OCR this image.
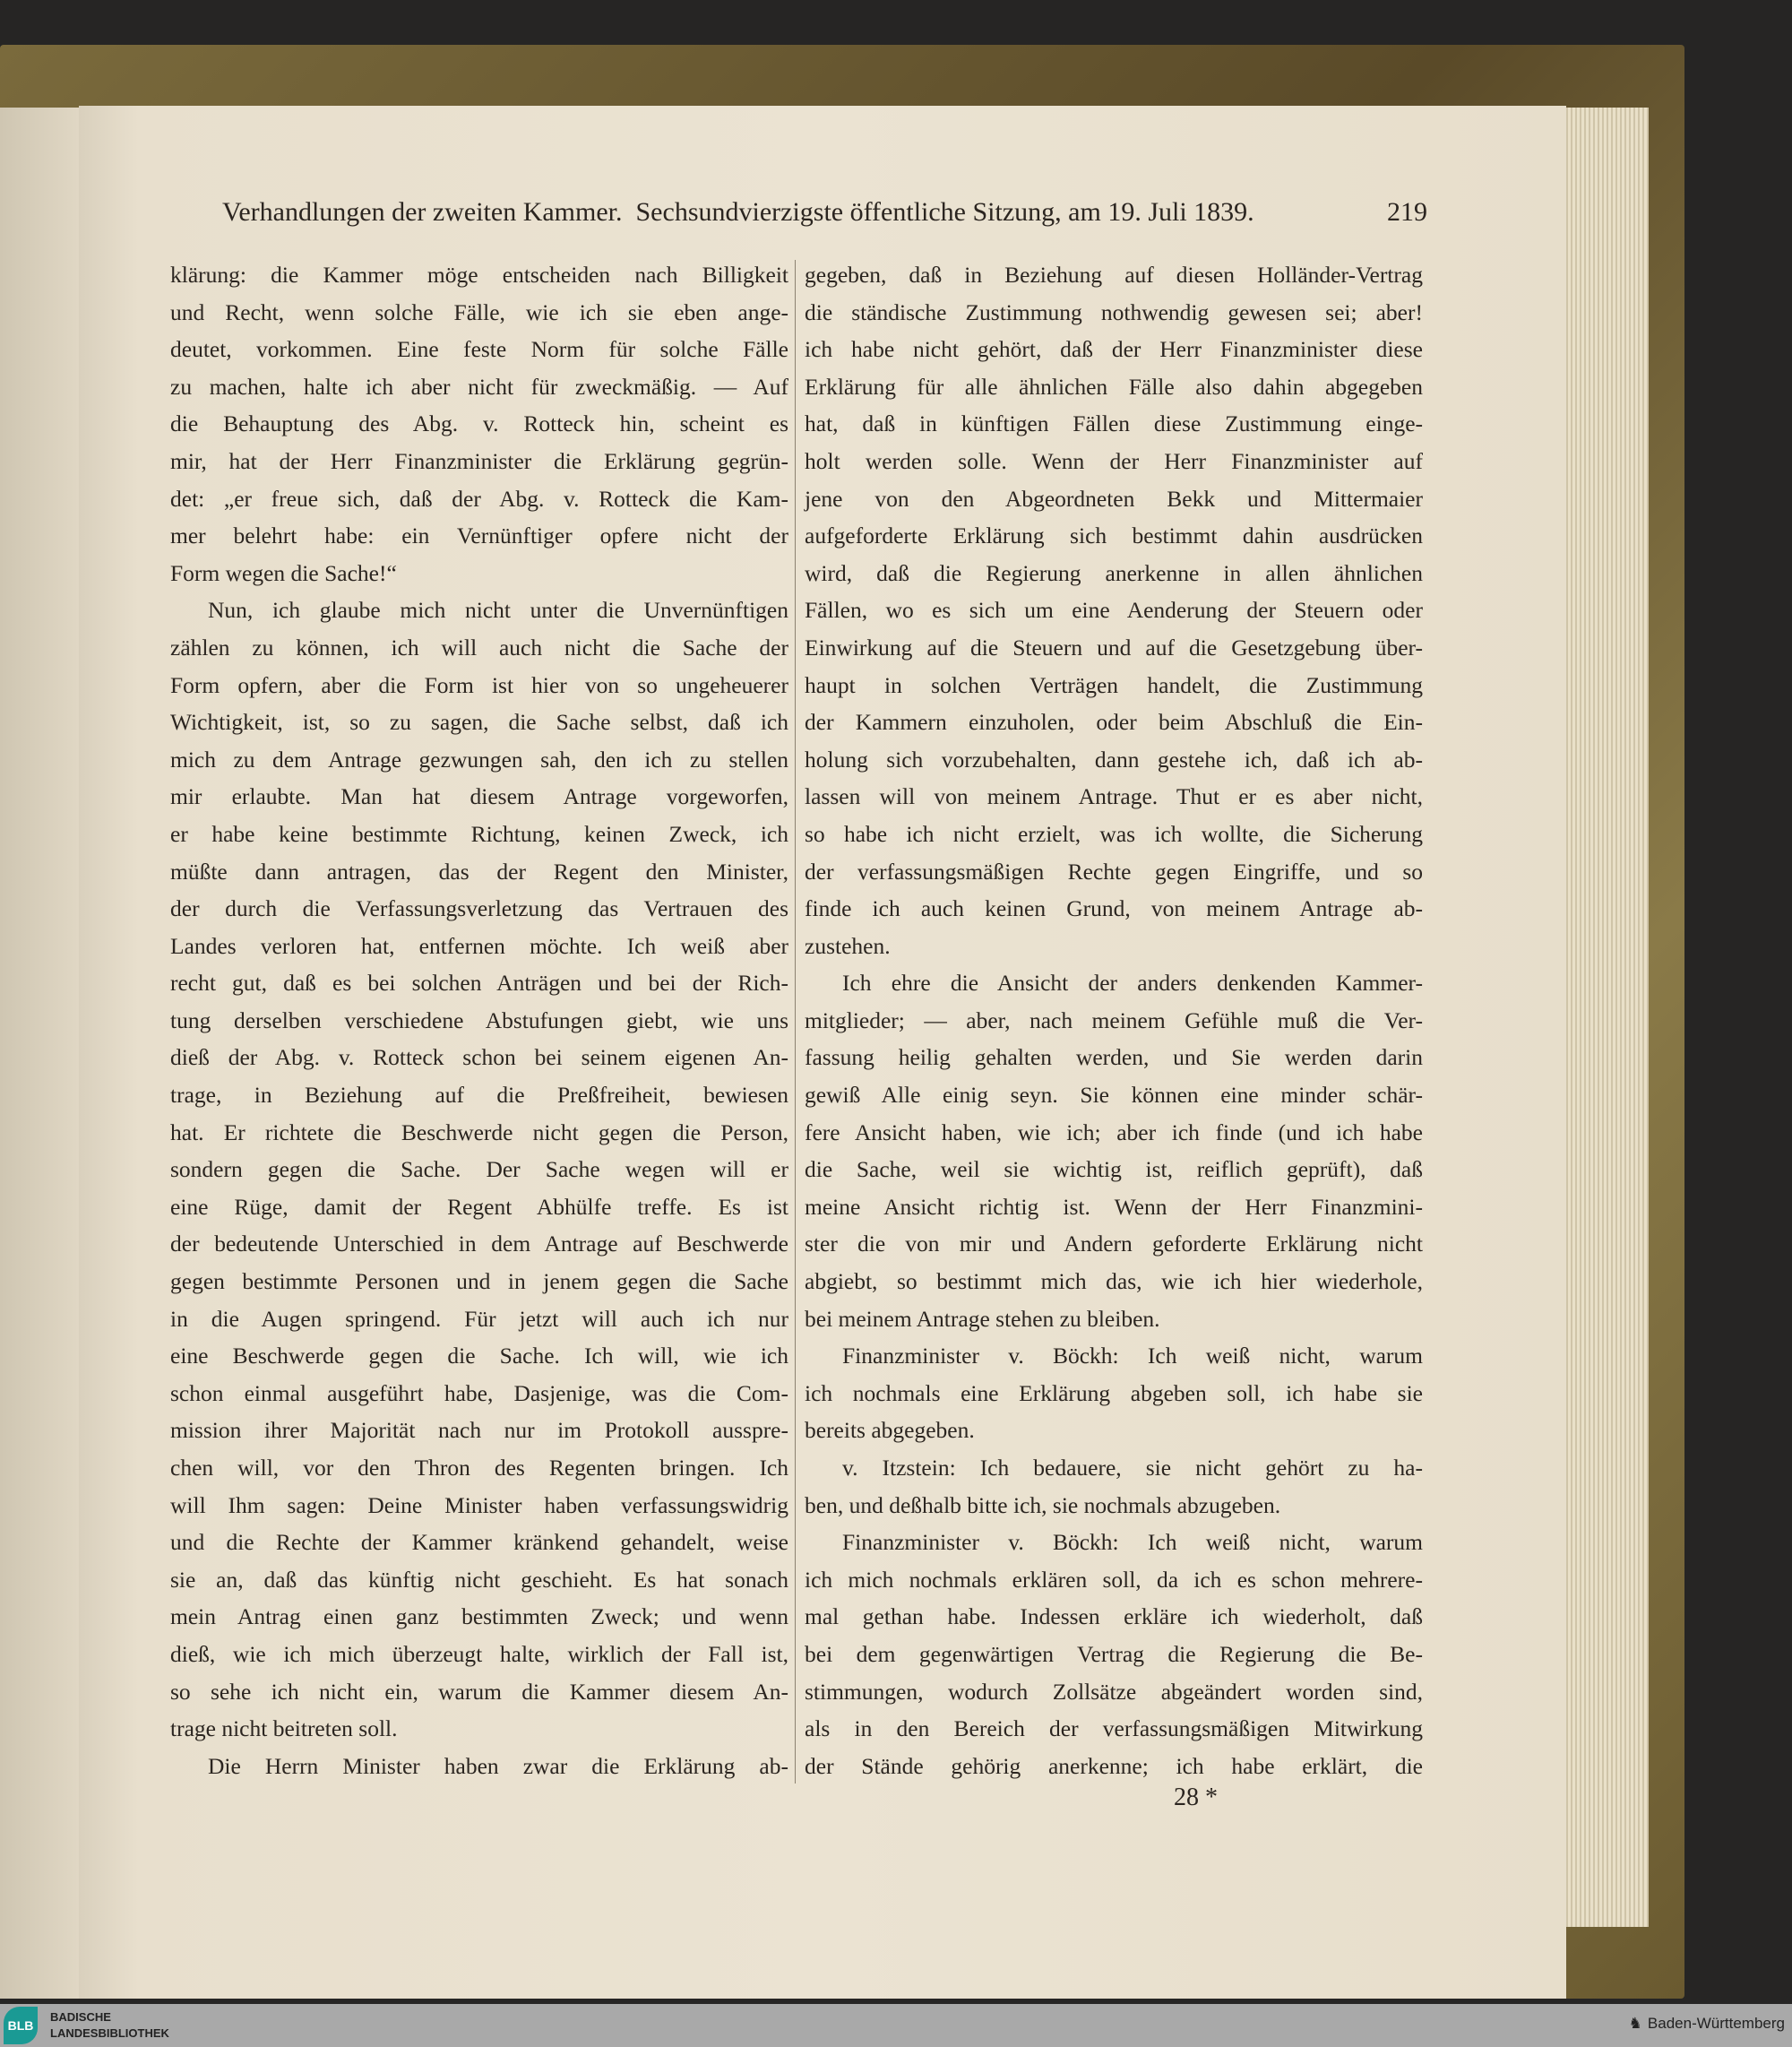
Verhandlungen der zweiten Kammer.  Sechsundvierzigste öffentliche Sitzung, am 19. Juli 1839.	219
klärung: die Kammer möge entscheiden nach Billigkeit
und Recht, wenn solche Fälle, wie ich sie eben ange-
deutet, vorkommen. Eine feste Norm für solche Fälle
zu machen, halte ich aber nicht für zweckmäßig. — Auf
die Behauptung des Abg. v. Rotteck hin, scheint es
mir, hat der Herr Finanzminister die Erklärung gegrün-
det: „er freue sich, daß der Abg. v. Rotteck die Kam-
mer belehrt habe: ein Vernünftiger opfere nicht der
Form wegen die Sache!“
Nun, ich glaube mich nicht unter die Unvernünftigen
zählen zu können, ich will auch nicht die Sache der
Form opfern, aber die Form ist hier von so ungeheuerer
Wichtigkeit, ist, so zu sagen, die Sache selbst, daß ich
mich zu dem Antrage gezwungen sah, den ich zu stellen
mir erlaubte. Man hat diesem Antrage vorgeworfen,
er habe keine bestimmte Richtung, keinen Zweck, ich
müßte dann antragen, das der Regent den Minister,
der durch die Verfassungsverletzung das Vertrauen des
Landes verloren hat, entfernen möchte. Ich weiß aber
recht gut, daß es bei solchen Anträgen und bei der Rich-
tung derselben verschiedene Abstufungen giebt, wie uns
dieß der Abg. v. Rotteck schon bei seinem eigenen An-
trage, in Beziehung auf die Preßfreiheit, bewiesen
hat. Er richtete die Beschwerde nicht gegen die Person,
sondern gegen die Sache. Der Sache wegen will er
eine Rüge, damit der Regent Abhülfe treffe. Es ist
der bedeutende Unterschied in dem Antrage auf Beschwerde
gegen bestimmte Personen und in jenem gegen die Sache
in die Augen springend. Für jetzt will auch ich nur
eine Beschwerde gegen die Sache. Ich will, wie ich
schon einmal ausgeführt habe, Dasjenige, was die Com-
mission ihrer Majorität nach nur im Protokoll ausspre-
chen will, vor den Thron des Regenten bringen. Ich
will Ihm sagen: Deine Minister haben verfassungswidrig
und die Rechte der Kammer kränkend gehandelt, weise
sie an, daß das künftig nicht geschieht. Es hat sonach
mein Antrag einen ganz bestimmten Zweck; und wenn
dieß, wie ich mich überzeugt halte, wirklich der Fall ist,
so sehe ich nicht ein, warum die Kammer diesem An-
trage nicht beitreten soll.
Die Herrn Minister haben zwar die Erklärung ab-
gegeben, daß in Beziehung auf diesen Holländer-Vertrag
die ständische Zustimmung nothwendig gewesen sei; aber!
ich habe nicht gehört, daß der Herr Finanzminister diese
Erklärung für alle ähnlichen Fälle also dahin abgegeben
hat, daß in künftigen Fällen diese Zustimmung einge-
holt werden solle. Wenn der Herr Finanzminister auf
jene von den Abgeordneten Bekk und Mittermaier
aufgeforderte Erklärung sich bestimmt dahin ausdrücken
wird, daß die Regierung anerkenne in allen ähnlichen
Fällen, wo es sich um eine Aenderung der Steuern oder
Einwirkung auf die Steuern und auf die Gesetzgebung über-
haupt in solchen Verträgen handelt, die Zustimmung
der Kammern einzuholen, oder beim Abschluß die Ein-
holung sich vorzubehalten, dann gestehe ich, daß ich ab-
lassen will von meinem Antrage. Thut er es aber nicht,
so habe ich nicht erzielt, was ich wollte, die Sicherung
der verfassungsmäßigen Rechte gegen Eingriffe, und so
finde ich auch keinen Grund, von meinem Antrage ab-
zustehen.
Ich ehre die Ansicht der anders denkenden Kammer-
mitglieder; — aber, nach meinem Gefühle muß die Ver-
fassung heilig gehalten werden, und Sie werden darin
gewiß Alle einig seyn. Sie können eine minder schär-
fere Ansicht haben, wie ich; aber ich finde (und ich habe
die Sache, weil sie wichtig ist, reiflich geprüft), daß
meine Ansicht richtig ist. Wenn der Herr Finanzmini-
ster die von mir und Andern geforderte Erklärung nicht
abgiebt, so bestimmt mich das, wie ich hier wiederhole,
bei meinem Antrage stehen zu bleiben.
Finanzminister v. Böckh: Ich weiß nicht, warum
ich nochmals eine Erklärung abgeben soll, ich habe sie
bereits abgegeben.
v. Itzstein: Ich bedauere, sie nicht gehört zu ha-
ben, und deßhalb bitte ich, sie nochmals abzugeben.
Finanzminister v. Böckh: Ich weiß nicht, warum
ich mich nochmals erklären soll, da ich es schon mehrere-
mal gethan habe. Indessen erkläre ich wiederholt, daß
bei dem gegenwärtigen Vertrag die Regierung die Be-
stimmungen, wodurch Zollsätze abgeändert worden sind,
als in den Bereich der verfassungsmäßigen Mitwirkung
der Stände gehörig anerkenne; ich habe erklärt, die
28 *
BLB
BADISCHE
LANDESBIBLIOTHEK
♞ Baden-Württemberg
